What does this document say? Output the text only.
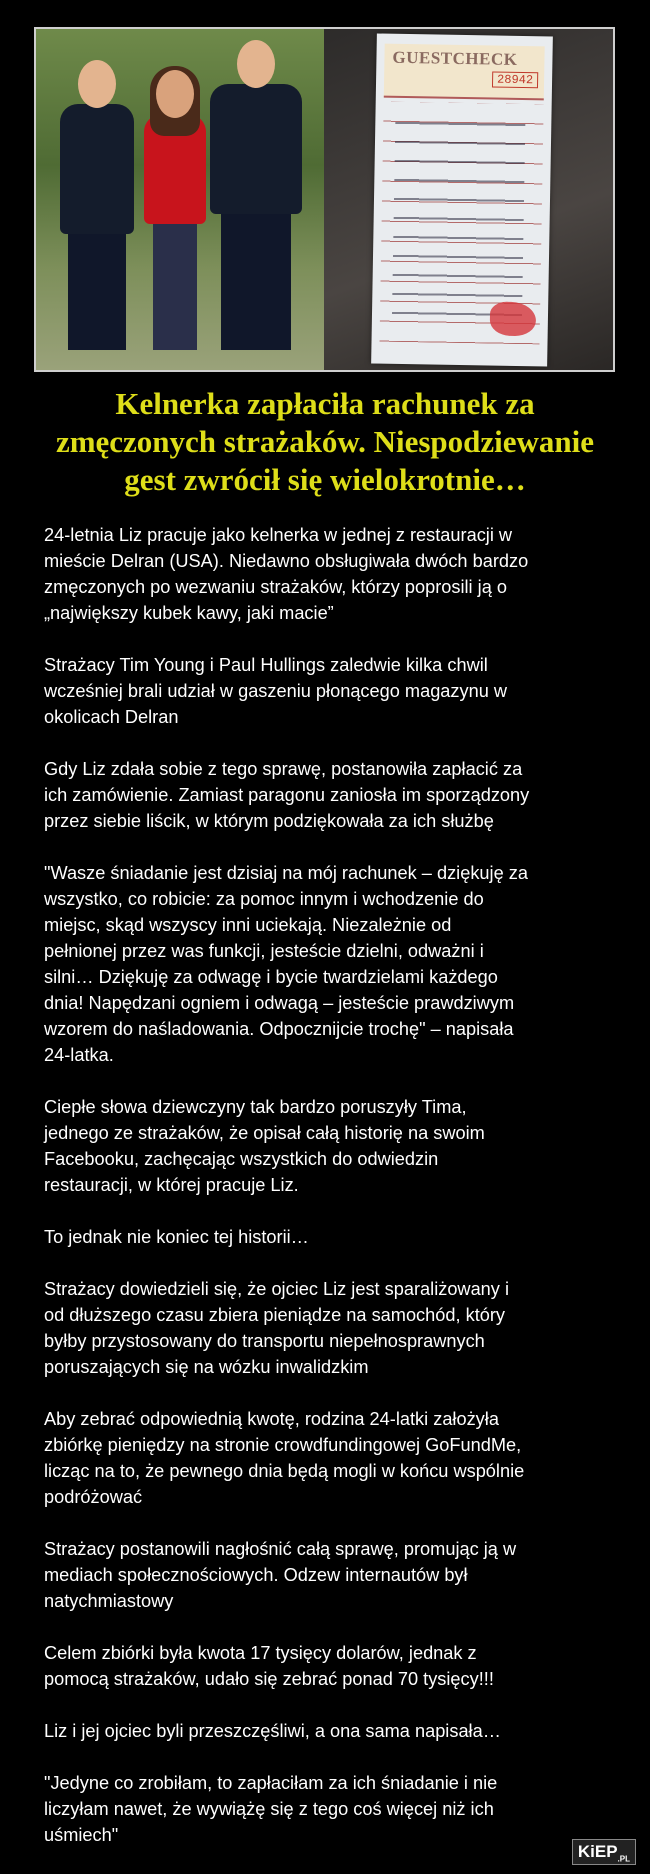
GUESTCHECK
28942
Kelnerka zapłaciła rachunek za
zmęczonych strażaków. Niespodziewanie
gest zwrócił się wielokrotnie…
24-letnia Liz pracuje jako kelnerka w jednej z restauracji w
mieście Delran (USA). Niedawno obsługiwała dwóch bardzo
zmęczonych po wezwaniu strażaków, którzy poprosili ją o
„największy kubek kawy, jaki macie”
Strażacy Tim Young i Paul Hullings zaledwie kilka chwil
wcześniej brali udział w gaszeniu płonącego magazynu w
okolicach Delran
Gdy Liz zdała sobie z tego sprawę, postanowiła zapłacić za
ich zamówienie. Zamiast paragonu zaniosła im sporządzony
przez siebie liścik, w którym podziękowała za ich służbę
"Wasze śniadanie jest dzisiaj na mój rachunek – dziękuję za
wszystko, co robicie: za pomoc innym i wchodzenie do
miejsc, skąd wszyscy inni uciekają. Niezależnie od
pełnionej przez was funkcji, jesteście dzielni, odważni i
silni… Dziękuję za odwagę i bycie twardzielami każdego
dnia! Napędzani ogniem i odwagą – jesteście prawdziwym
wzorem do naśladowania. Odpocznijcie trochę" – napisała
24-latka.
Ciepłe słowa dziewczyny tak bardzo poruszyły Tima,
jednego ze strażaków, że opisał całą historię na swoim
Facebooku, zachęcając wszystkich do odwiedzin
restauracji, w której pracuje Liz.
To jednak nie koniec tej historii…
Strażacy dowiedzieli się, że ojciec Liz jest sparaliżowany i
od dłuższego czasu zbiera pieniądze na samochód, który
byłby przystosowany do transportu niepełnosprawnych
poruszających się na wózku inwalidzkim
Aby zebrać odpowiednią kwotę, rodzina 24-latki założyła
zbiórkę pieniędzy na stronie crowdfundingowej GoFundMe,
licząc na to, że pewnego dnia będą mogli w końcu wspólnie
podróżować
Strażacy postanowili nagłośnić całą sprawę, promując ją w
mediach społecznościowych. Odzew internautów był
natychmiastowy
Celem zbiórki była kwota 17 tysięcy dolarów, jednak z
pomocą strażaków, udało się zebrać ponad 70 tysięcy!!!
Liz i jej ojciec byli przeszczęśliwi, a ona sama napisała…
"Jedyne co zrobiłam, to zapłaciłam za ich śniadanie i nie
liczyłam nawet, że wywiążę się z tego coś więcej niż ich
uśmiech"
KiEP$_{.PL}$
